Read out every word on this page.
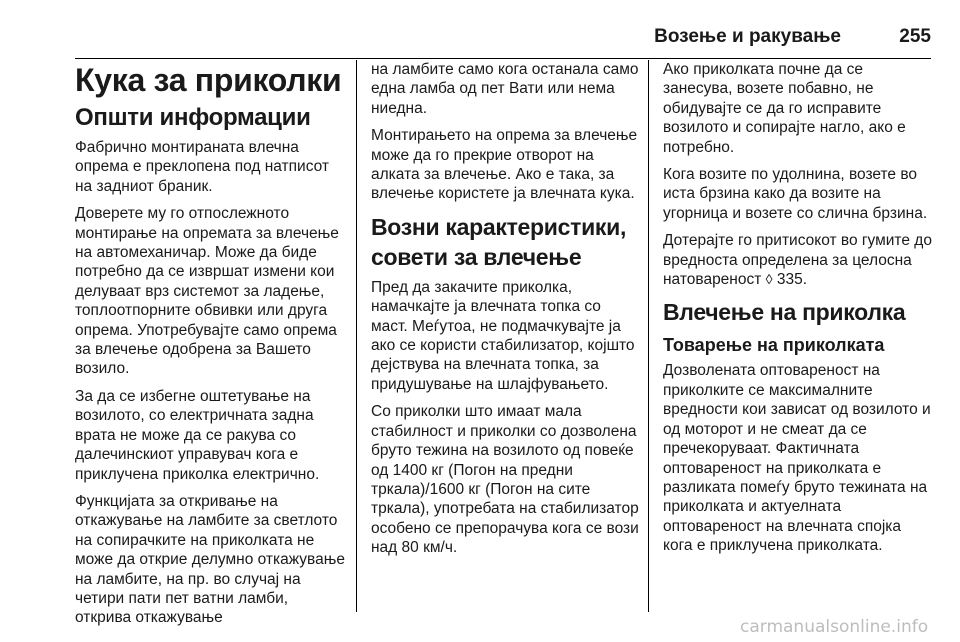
Возење и ракување	255
Кука за приколки
Општи информации

Фабрично монтираната влечна опрема е преклопена под натписот на задниот браник.

Доверете му го отпослежното монтирање на опремата за влечење на автомеханичар. Може да биде потребно да се извршат измени кои делуваат врз системот за ладење, топлоотпорните обвивки или друга опрема. Употребувајте само опрема за влечење одобрена за Вашето возило.

За да се избегне оштетување на возилото, со електричната задна врата не може да се ракува со далечинскиот управувач кога е приклучена приколка електрично.

Функцијата за откривање на откажување на ламбите за светлото на сопирачките на приколката не може да открие делумно откажување на ламбите, на пр. во случај на четири пати пет ватни ламби, открива откажување

на ламбите само кога останала само една ламба од пет Вати или нема ниедна.

Монтирањето на опрема за влечење може да го прекрие отворот на алката за влечење. Ако е така, за влечење користете ја влечната кука.

Возни карактеристики, совети за влечење

Пред да закачите приколка, намачкајте ја влечната топка со маст. Меѓутоа, не подмачкувајте ја ако се користи стабилизатор, којшто дејствува на влечната топка, за придушување на шлајфувањето.

Со приколки што имаат мала стабилност и приколки со дозволена бруто тежина на возилото од повеќе од 1400 кг (Погон на предни тркала)/1600 кг (Погон на сите тркала), употребата на стабилизатор особено се препорачува кога се вози над 80 км/ч.

Ако приколката почне да се занесува, возете побавно, не обидувајте се да го исправите возилото и сопирајте нагло, ако е потребно.

Кога возите по удолнина, возете во иста брзина како да возите на угорница и возете со слична брзина.

Дотерајте го притисокот во гумите до вредноста определена за целосна натовареност ◊ 335.

Влечење на приколка
Товарење на приколката

Дозволената оптовареност на приколките се максималните вредности кои зависат од возилото и од моторот и не смеат да се пречекоруваат. Фактичната оптовареност на приколката е разликата помеѓу бруто тежината на приколката и актуелната оптовареност на влечната спојка кога е приклучена приколката.

carmanualsonline.info
